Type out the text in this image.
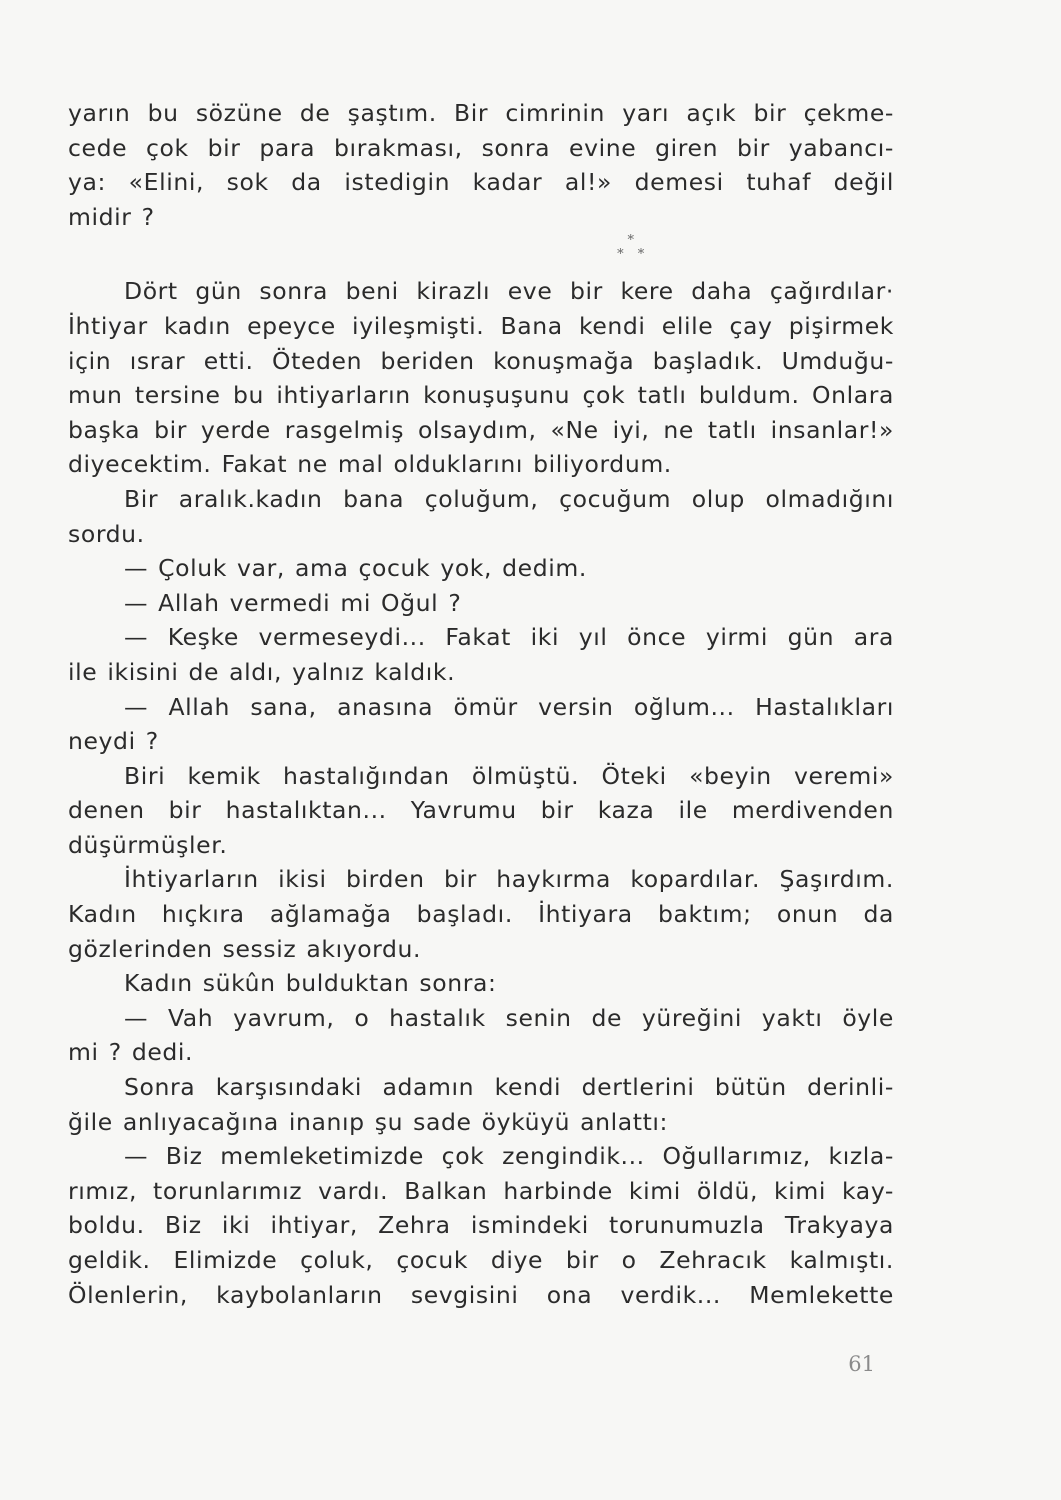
yarın bu sözüne de şaştım. Bir cimrinin yarı açık bir çekme-
cede çok bir para bırakması, sonra evine giren bir yabancı-
ya: «Elini, sok da istedigin kadar al!» demesi tuhaf değil
midir ?
*
*  *
Dört gün sonra beni kirazlı eve bir kere daha çağırdılar·
İhtiyar kadın epeyce iyileşmişti. Bana kendi elile çay pişirmek
için ısrar etti. Öteden beriden konuşmağa başladık. Umduğu-
mun tersine bu ihtiyarların konuşuşunu çok tatlı buldum. Onlara
başka bir yerde rasgelmiş olsaydım, «Ne iyi, ne tatlı insanlar!»
diyecektim. Fakat ne mal olduklarını biliyordum.
Bir aralık.kadın bana çoluğum, çocuğum olup olmadığını
sordu.
— Çoluk var, ama çocuk yok, dedim.
— Allah vermedi mi Oğul ?
— Keşke vermeseydi... Fakat iki yıl önce yirmi gün ara
ile ikisini de aldı, yalnız kaldık.
— Allah sana, anasına ömür versin oğlum... Hastalıkları
neydi ?
Biri kemik hastalığından ölmüştü. Öteki «beyin veremi»
denen bir hastalıktan... Yavrumu bir kaza ile merdivenden
düşürmüşler.
İhtiyarların ikisi birden bir haykırma kopardılar. Şaşırdım.
Kadın hıçkıra ağlamağa başladı. İhtiyara baktım; onun da
gözlerinden sessiz akıyordu.
Kadın sükûn bulduktan sonra:
— Vah yavrum, o hastalık senin de yüreğini yaktı öyle
mi ? dedi.
Sonra karşısındaki adamın kendi dertlerini bütün derinli-
ğile anlıyacağına inanıp şu sade öyküyü anlattı:
— Biz memleketimizde çok zengindik... Oğullarımız, kızla-
rımız, torunlarımız vardı. Balkan harbinde kimi öldü, kimi kay-
boldu. Biz iki ihtiyar, Zehra ismindeki torunumuzla Trakyaya
geldik. Elimizde çoluk, çocuk diye bir o Zehracık kalmıştı.
Ölenlerin, kaybolanların sevgisini ona verdik... Memlekette
61
